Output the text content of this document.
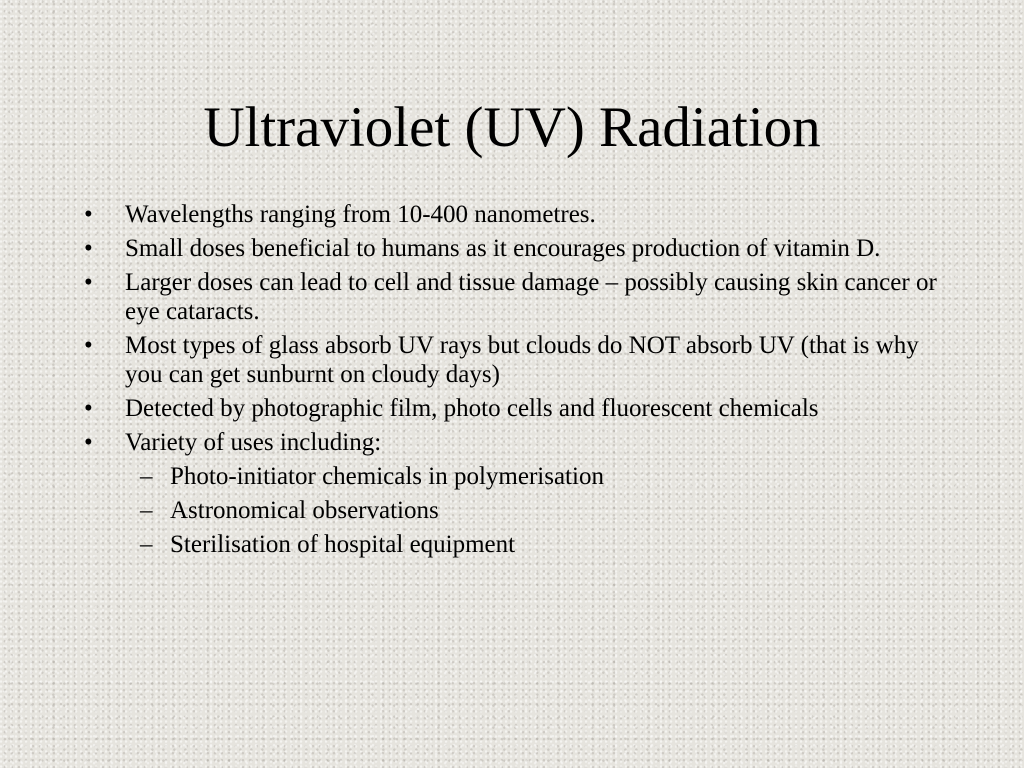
Ultraviolet (UV) Radiation
•	Wavelengths ranging from 10-400 nanometres.
•	Small doses beneficial to humans as it encourages production of vitamin D.
•	Larger doses can lead to cell and tissue damage – possibly causing skin cancer or eye cataracts.
•	Most types of glass absorb UV rays but clouds do NOT absorb UV (that is why you can get sunburnt on cloudy days)
•	Detected by photographic film, photo cells and fluorescent chemicals
•	Variety of uses including:
– Photo-initiator chemicals in polymerisation
– Astronomical observations
– Sterilisation of hospital equipment
